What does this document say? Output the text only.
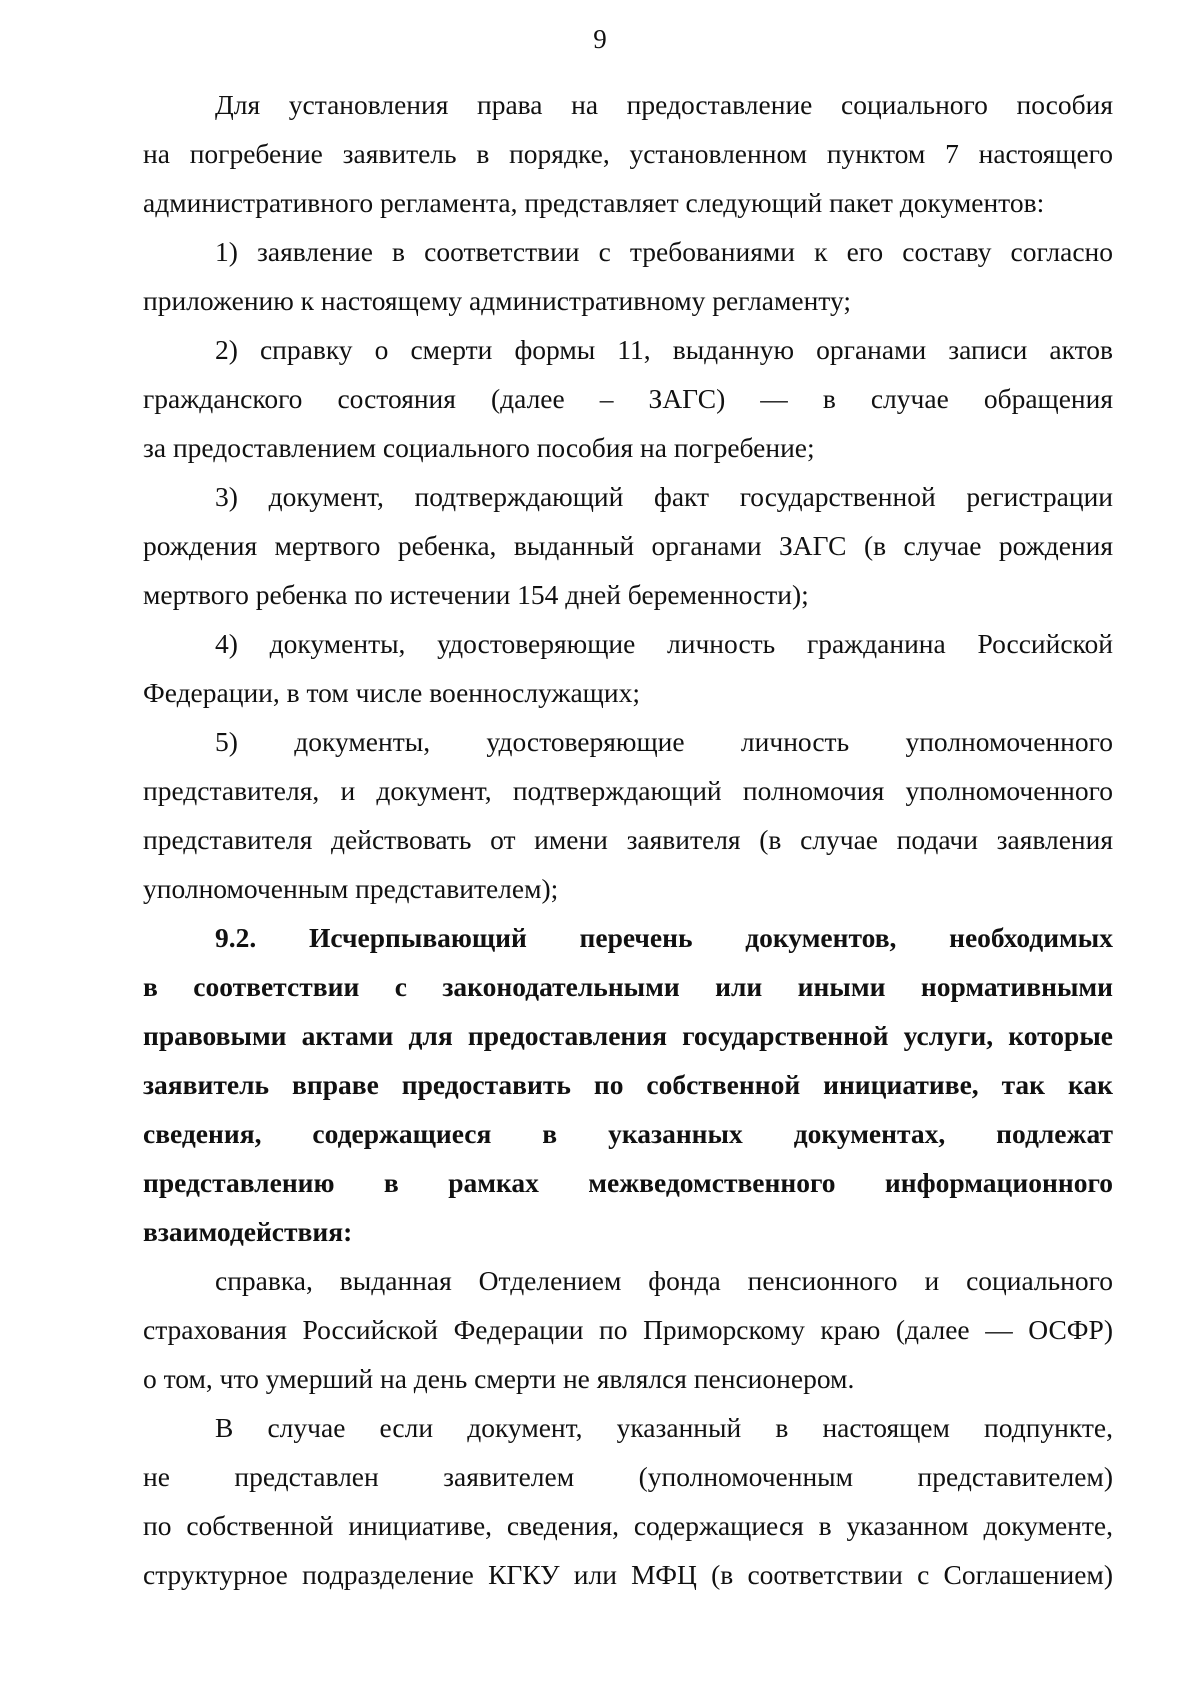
9

Для установления права на предоставление социального пособия
на погребение заявитель в порядке, установленном пунктом 7 настоящего
административного регламента, представляет следующий пакет документов:

1) заявление в соответствии с требованиями к его составу согласно
приложению к настоящему административному регламенту;

2) справку о смерти формы 11, выданную органами записи актов
гражданского состояния (далее – ЗАГС) — в случае обращения
за предоставлением социального пособия на погребение;

3) документ, подтверждающий факт государственной регистрации
рождения мертвого ребенка, выданный органами ЗАГС (в случае рождения
мертвого ребенка по истечении 154 дней беременности);

4) документы, удостоверяющие личность гражданина Российской
Федерации, в том числе военнослужащих;

5) документы, удостоверяющие личность уполномоченного
представителя, и документ, подтверждающий полномочия уполномоченного
представителя действовать от имени заявителя (в случае подачи заявления
уполномоченным представителем);

9.2. Исчерпывающий перечень документов, необходимых
в соответствии с законодательными или иными нормативными
правовыми актами для предоставления государственной услуги, которые
заявитель вправе предоставить по собственной инициативе, так как
сведения, содержащиеся в указанных документах, подлежат
представлению в рамках межведомственного информационного
взаимодействия:

справка, выданная Отделением фонда пенсионного и социального
страхования Российской Федерации по Приморскому краю (далее — ОСФР)
о том, что умерший на день смерти не являлся пенсионером.

В случае если документ, указанный в настоящем подпункте,
не представлен заявителем (уполномоченным представителем)
по собственной инициативе, сведения, содержащиеся в указанном документе,
структурное подразделение КГКУ или МФЦ (в соответствии с Соглашением)
